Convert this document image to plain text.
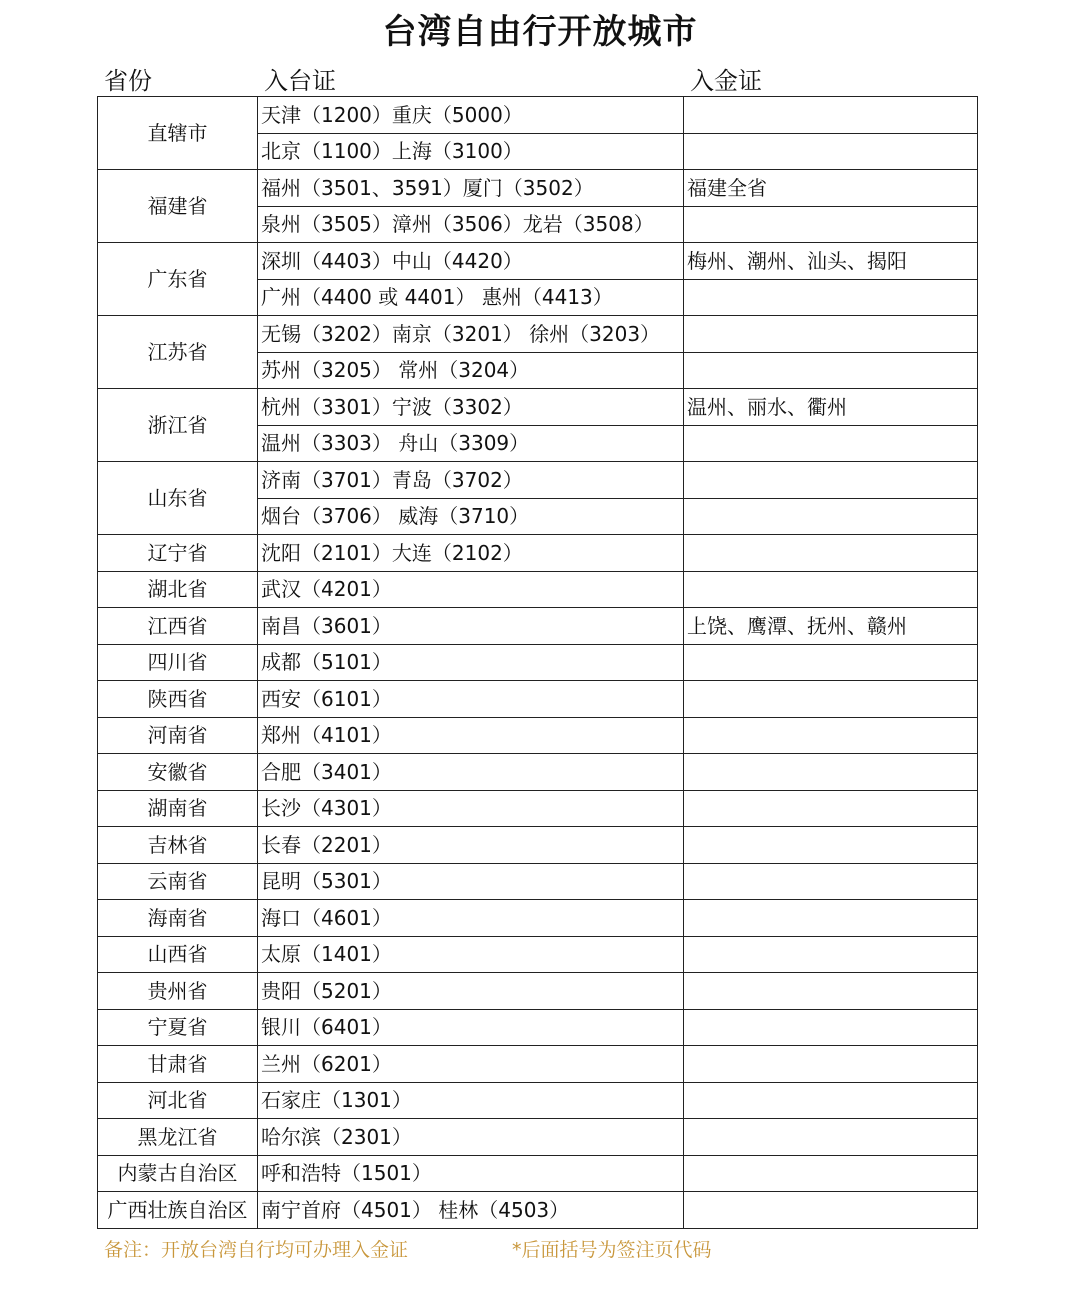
台湾自由行开放城市
省份	入台证	入金证
直辖市	天津（1200）重庆（5000）	
	北京（1100）上海（3100）	
福建省	福州（3501、3591）厦门（3502）	福建全省
	泉州（3505）漳州（3506）龙岩（3508）	
广东省	深圳（4403）中山（4420）	梅州、潮州、汕头、揭阳
	广州（4400 或 4401） 惠州（4413）	
江苏省	无锡（3202）南京（3201） 徐州（3203）	
	苏州（3205） 常州（3204）	
浙江省	杭州（3301）宁波（3302）	温州、丽水、衢州
	温州（3303） 舟山（3309）	
山东省	济南（3701）青岛（3702）	
	烟台（3706） 威海（3710）	
辽宁省	沈阳（2101）大连（2102）	
湖北省	武汉（4201）	
江西省	南昌（3601）	上饶、鹰潭、抚州、赣州
四川省	成都（5101）	
陕西省	西安（6101）	
河南省	郑州（4101）	
安徽省	合肥（3401）	
湖南省	长沙（4301）	
吉林省	长春（2201）	
云南省	昆明（5301）	
海南省	海口（4601）	
山西省	太原（1401）	
贵州省	贵阳（5201）	
宁夏省	银川（6401）	
甘肃省	兰州（6201）	
河北省	石家庄（1301）	
黑龙江省	哈尔滨（2301）	
内蒙古自治区	呼和浩特（1501）	
广西壮族自治区	南宁首府（4501） 桂林（4503）	
备注：开放台湾自行均可办理入金证	*后面括号为签注页代码
